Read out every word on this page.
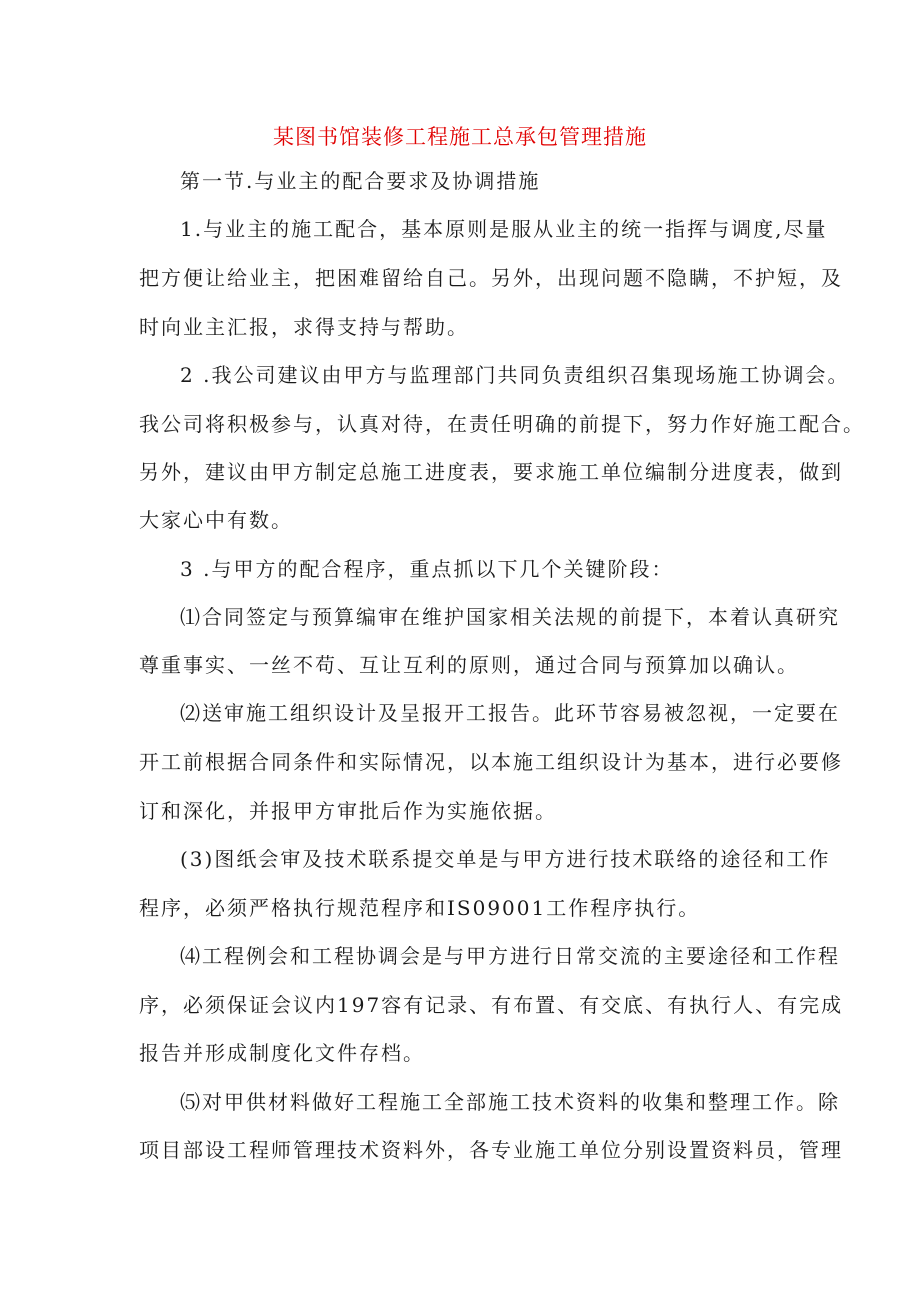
某图书馆装修工程施工总承包管理措施
第一节.与业主的配合要求及协调措施
1.与业主的施工配合，基本原则是服从业主的统一指挥与调度,尽量
把方便让给业主，把困难留给自己。另外，出现问题不隐瞒，不护短，及
时向业主汇报，求得支持与帮助。
2 .我公司建议由甲方与监理部门共同负责组织召集现场施工协调会。
我公司将积极参与，认真对待，在责任明确的前提下，努力作好施工配合。
另外，建议由甲方制定总施工进度表，要求施工单位编制分进度表，做到
大家心中有数。
3 .与甲方的配合程序，重点抓以下几个关键阶段：
⑴合同签定与预算编审在维护国家相关法规的前提下，本着认真研究
尊重事实、一丝不苟、互让互利的原则，通过合同与预算加以确认。
⑵送审施工组织设计及呈报开工报告。此环节容易被忽视，一定要在
开工前根据合同条件和实际情况，以本施工组织设计为基本，进行必要修
订和深化，并报甲方审批后作为实施依据。
(3)图纸会审及技术联系提交单是与甲方进行技术联络的途径和工作
程序，必须严格执行规范程序和IS09001工作程序执行。
⑷工程例会和工程协调会是与甲方进行日常交流的主要途径和工作程
序，必须保证会议内197容有记录、有布置、有交底、有执行人、有完成
报告并形成制度化文件存档。
⑸对甲供材料做好工程施工全部施工技术资料的收集和整理工作。除
项目部设工程师管理技术资料外，各专业施工单位分别设置资料员，管理
